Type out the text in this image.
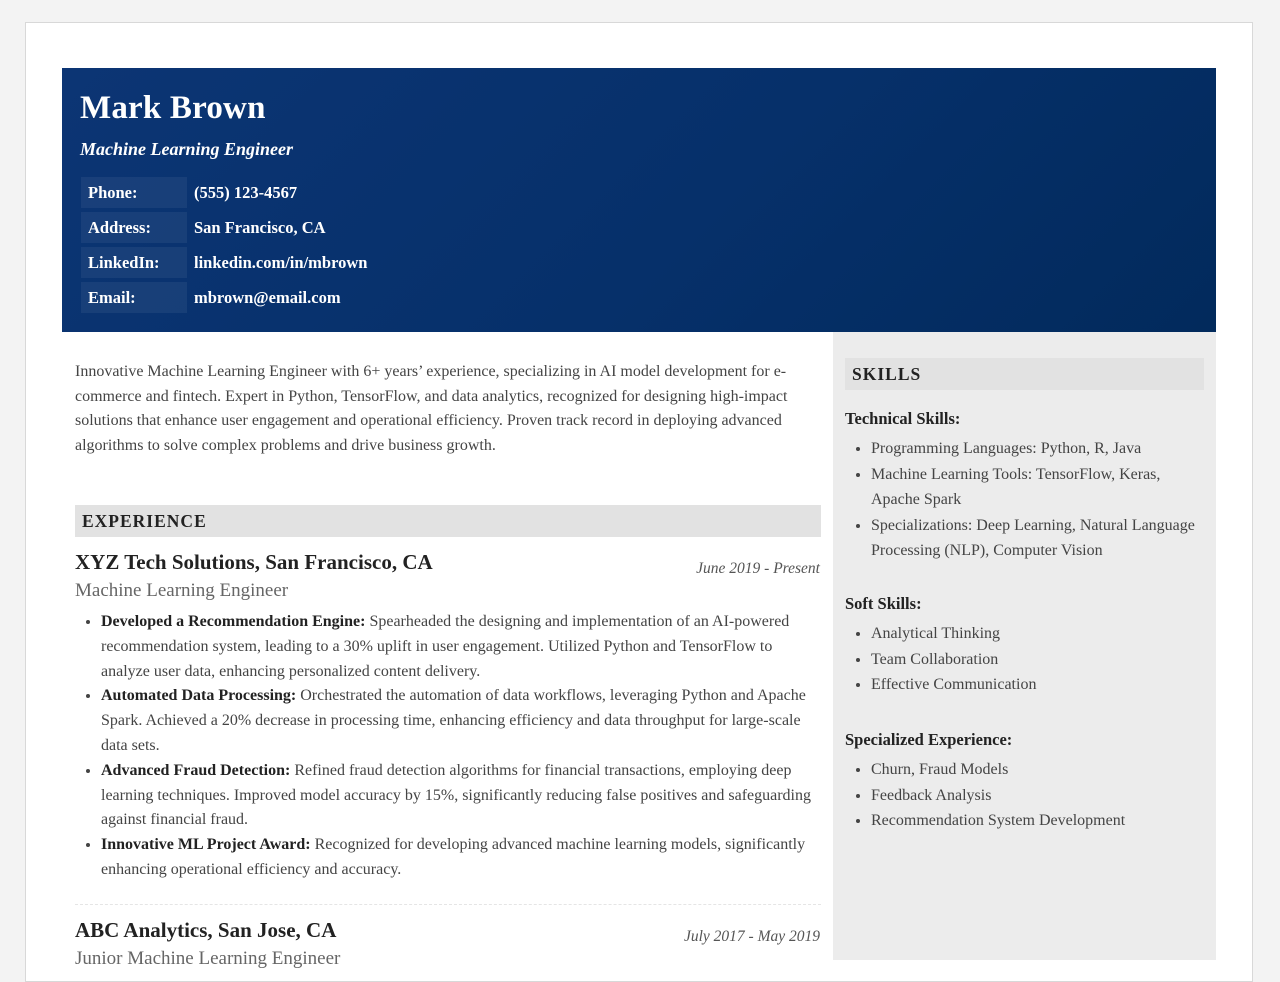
Mark Brown

Machine Learning Engineer

Phone:	(555) 123-4567
Address:	San Francisco, CA
LinkedIn:	linkedin.com/in/mbrown
Email:	mbrown@email.com

Innovative Machine Learning Engineer with 6+ years’ experience, specializing in AI model development for e-commerce and fintech. Expert in Python, TensorFlow, and data analytics, recognized for designing high-impact solutions that enhance user engagement and operational efficiency. Proven track record in deploying advanced algorithms to solve complex problems and drive business growth.

EXPERIENCE
XYZ Tech Solutions, San Francisco, CA	June 2019 - Present

Machine Learning Engineer

• Developed a Recommendation Engine: Spearheaded the designing and implementation of an AI-powered recommendation system, leading to a 30% uplift in user engagement. Utilized Python and TensorFlow to analyze user data, enhancing personalized content delivery.
• Automated Data Processing: Orchestrated the automation of data workflows, leveraging Python and Apache Spark. Achieved a 20% decrease in processing time, enhancing efficiency and data throughput for large-scale data sets.
• Advanced Fraud Detection: Refined fraud detection algorithms for financial transactions, employing deep learning techniques. Improved model accuracy by 15%, significantly reducing false positives and safeguarding against financial fraud.
• Innovative ML Project Award: Recognized for developing advanced machine learning models, significantly enhancing operational efficiency and accuracy.
ABC Analytics, San Jose, CA	July 2017 - May 2019

Junior Machine Learning Engineer

SKILLS

Technical Skills:

• Programming Languages: Python, R, Java
• Machine Learning Tools: TensorFlow, Keras, Apache Spark
• Specializations: Deep Learning, Natural Language Processing (NLP), Computer Vision

Soft Skills:

• Analytical Thinking
• Team Collaboration
• Effective Communication

Specialized Experience:

• Churn, Fraud Models
• Feedback Analysis
• Recommendation System Development
